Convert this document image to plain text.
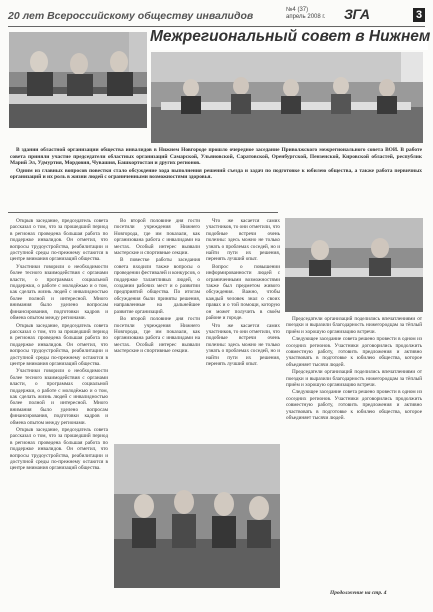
20 лет Всероссийскому обществу инвалидов	№4 (37)
апрель 2008 г. ЗГА	3
Межрегиональный совет в Нижнем

В здании областной организации общества инвалидов в Нижнем Новгороде прошло очередное заседание Приволжского межрегионального совета ВОИ. В работе совета приняли участие председатели областных организаций Самарской, Ульяновской, Саратовской, Оренбургской, Пензенской, Кировской областей, республик Марий Эл, Удмуртия, Мордовия, Чувашия, Башкортостан и других регионов.

Одним из главных вопросов повестки стало обсуждение хода выполнения решений съезда и задач по подготовке к юбилею общества, а также работа первичных организаций и их роль в жизни людей с ограниченными возможностями здоровья.

Открыв заседание, председатель совета рассказал о том, что за прошедший период в регионах проведена большая работа по поддержке инвалидов. Он отметил, что вопросы трудоустройства, реабилитации и доступной среды по-прежнему остаются в центре внимания организаций общества.

Участники говорили о необходимости более тесного взаимодействия с органами власти, о программах социальной поддержки, о работе с молодёжью и о том, как сделать жизнь людей с инвалидностью более полной и интересной. Много внимания было уделено вопросам финансирования, подготовки кадров и обмена опытом между регионами.

Открыв заседание, председатель совета рассказал о том, что за прошедший период в регионах проведена большая работа по поддержке инвалидов. Он отметил, что вопросы трудоустройства, реабилитации и доступной среды по-прежнему остаются в центре внимания организаций общества.

Участники говорили о необходимости более тесного взаимодействия с органами власти, о программах социальной поддержки, о работе с молодёжью и о том, как сделать жизнь людей с инвалидностью более полной и интересной. Много внимания было уделено вопросам финансирования, подготовки кадров и обмена опытом между регионами.

Открыв заседание, председатель совета рассказал о том, что за прошедший период в регионах проведена большая работа по поддержке инвалидов. Он отметил, что вопросы трудоустройства, реабилитации и доступной среды по-прежнему остаются в центре внимания организаций общества.

Во второй половине дня гости посетили учреждения Нижнего Новгорода, где им показали, как организована работа с инвалидами на местах. Особый интерес вызвали мастерские и спортивные секции.

В повестке работы заседания совета входили также вопросы о проведении фестивалей и конкурсов, о поддержке талантливых людей, о создании рабочих мест и о развитии предприятий общества. По итогам обсуждения были приняты решения, направленные на дальнейшее развитие организаций.

Во второй половине дня гости посетили учреждения Нижнего Новгорода, где им показали, как организована работа с инвалидами на местах. Особый интерес вызвали мастерские и спортивные секции.

Что же касается самих участников, то они отметили, что подобные встречи очень полезны: здесь можно не только узнать о проблемах соседей, но и найти пути их решения, перенять лучший опыт.

Вопрос о повышении информированности людей с ограниченными возможностями также был предметом живого обсуждения. Важно, чтобы каждый человек знал о своих правах и о той помощи, которую он может получить в своём районе и городе.

Что же касается самих участников, то они отметили, что подобные встречи очень полезны: здесь можно не только узнать о проблемах соседей, но и найти пути их решения, перенять лучший опыт.

Председатели организаций поделились впечатлениями от поездки и выразили благодарность нижегородцам за тёплый приём и хорошую организацию встречи.

Следующее заседание совета решено провести в одном из соседних регионов. Участники договорились продолжить совместную работу, готовить предложения и активно участвовать в подготовке к юбилею общества, которое объединяет тысячи людей.

Председатели организаций поделились впечатлениями от поездки и выразили благодарность нижегородцам за тёплый приём и хорошую организацию встречи.

Следующее заседание совета решено провести в одном из соседних регионов. Участники договорились продолжить совместную работу, готовить предложения и активно участвовать в подготовке к юбилею общества, которое объединяет тысячи людей.

Продолжение на стр. 4
